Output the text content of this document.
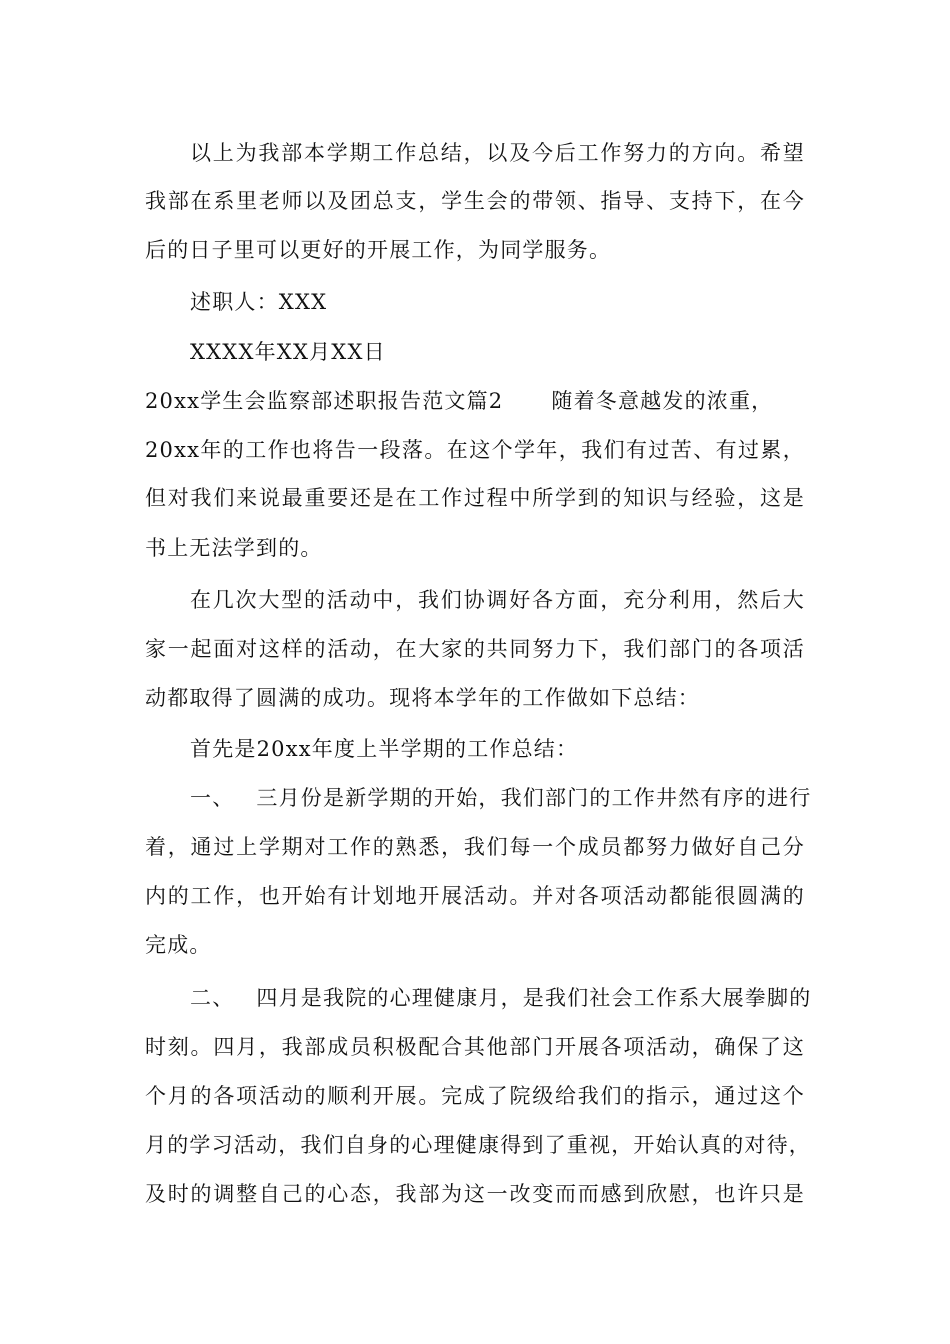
以上为我部本学期工作总结，以及今后工作努力的方向。希望
我部在系里老师以及团总支，学生会的带领、指导、支持下，在今
后的日子里可以更好的开展工作，为同学服务。
述职人：XXX
XXXX年XX月XX日
20xx学生会监察部述职报告范文篇2 随着冬意越发的浓重，
20xx年的工作也将告一段落。在这个学年，我们有过苦、有过累，
但对我们来说最重要还是在工作过程中所学到的知识与经验，这是
书上无法学到的。
在几次大型的活动中，我们协调好各方面，充分利用，然后大
家一起面对这样的活动，在大家的共同努力下，我们部门的各项活
动都取得了圆满的成功。现将本学年的工作做如下总结：
首先是20xx年度上半学期的工作总结：
一、 三月份是新学期的开始，我们部门的工作井然有序的进行
着，通过上学期对工作的熟悉，我们每一个成员都努力做好自己分
内的工作，也开始有计划地开展活动。并对各项活动都能很圆满的
完成。
二、 四月是我院的心理健康月，是我们社会工作系大展拳脚的
时刻。四月，我部成员积极配合其他部门开展各项活动，确保了这
个月的各项活动的顺利开展。完成了院级给我们的指示，通过这个
月的学习活动，我们自身的心理健康得到了重视，开始认真的对待，
及时的调整自己的心态，我部为这一改变而而感到欣慰，也许只是
